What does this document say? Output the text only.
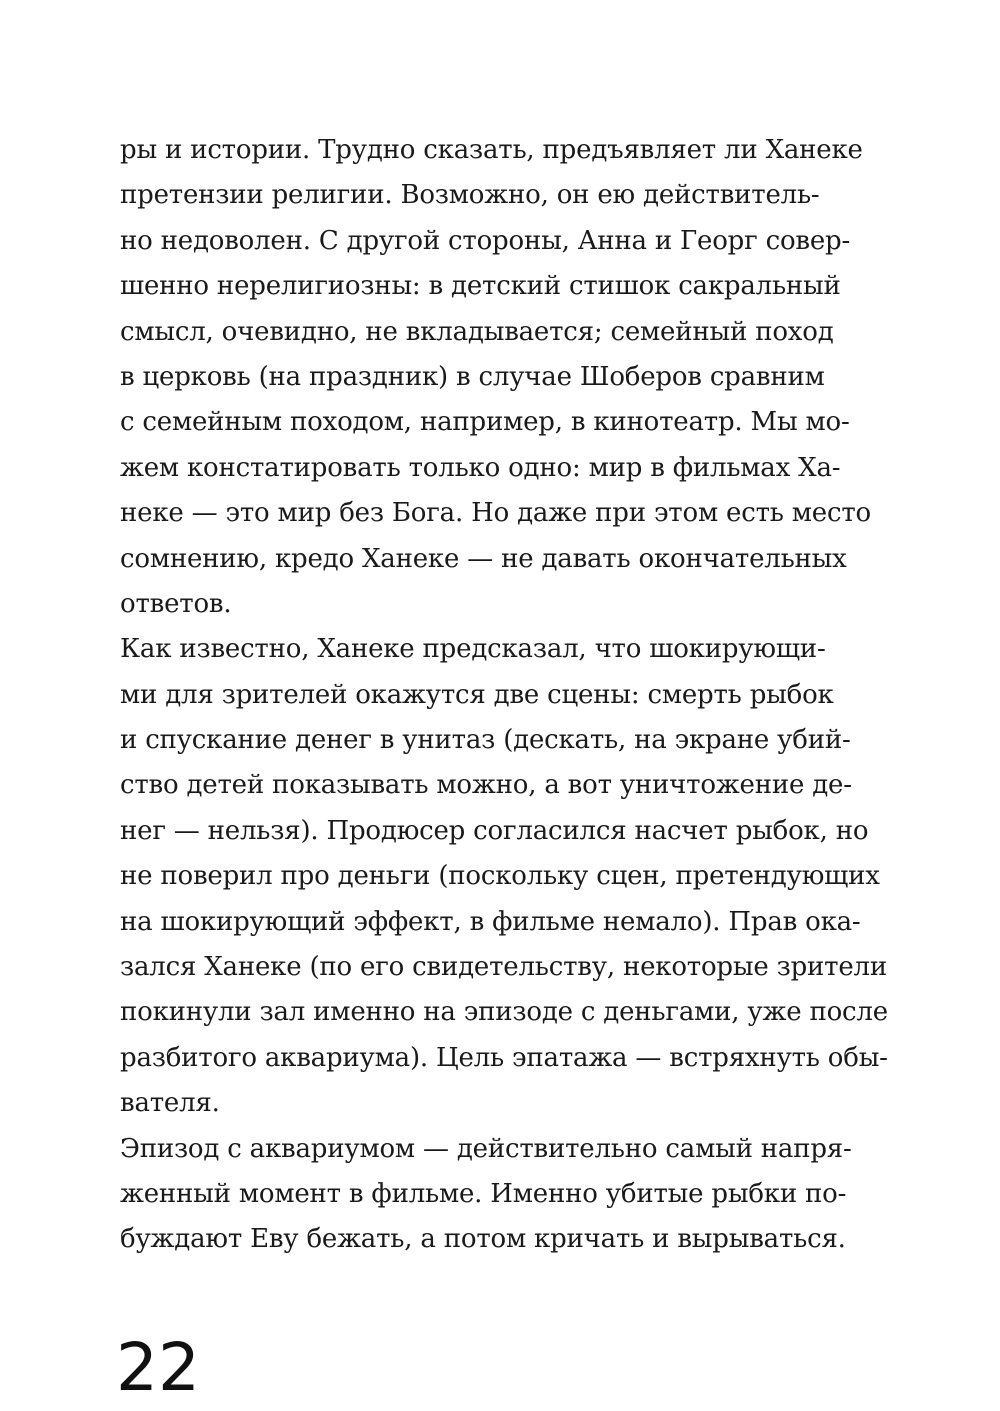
ры и истории. Трудно сказать, предъявляет ли Ханеке
претензии религии. Возможно, он ею действитель-
но недоволен. С другой стороны, Анна и Георг совер-
шенно нерелигиозны: в детский стишок сакральный
смысл, очевидно, не вкладывается; семейный поход
в церковь (на праздник) в случае Шоберов сравним
с семейным походом, например, в кинотеатр. Мы мо-
жем констатировать только одно: мир в фильмах Ха-
неке — это мир без Бога. Но даже при этом есть место
сомнению, кредо Ханеке — не давать окончательных
ответов.
Как известно, Ханеке предсказал, что шокирующи-
ми для зрителей окажутся две сцены: смерть рыбок
и спускание денег в унитаз (дескать, на экране убий-
ство детей показывать можно, а вот уничтожение де-
нег — нельзя). Продюсер согласился насчет рыбок, но
не поверил про деньги (поскольку сцен, претендующих
на шокирующий эффект, в фильме немало). Прав ока-
зался Ханеке (по его свидетельству, некоторые зрители
покинули зал именно на эпизоде с деньгами, уже после
разбитого аквариума). Цель эпатажа — встряхнуть обы-
вателя.
Эпизод с аквариумом — действительно самый напря-
женный момент в фильме. Именно убитые рыбки по-
буждают Еву бежать, а потом кричать и вырываться.
22
